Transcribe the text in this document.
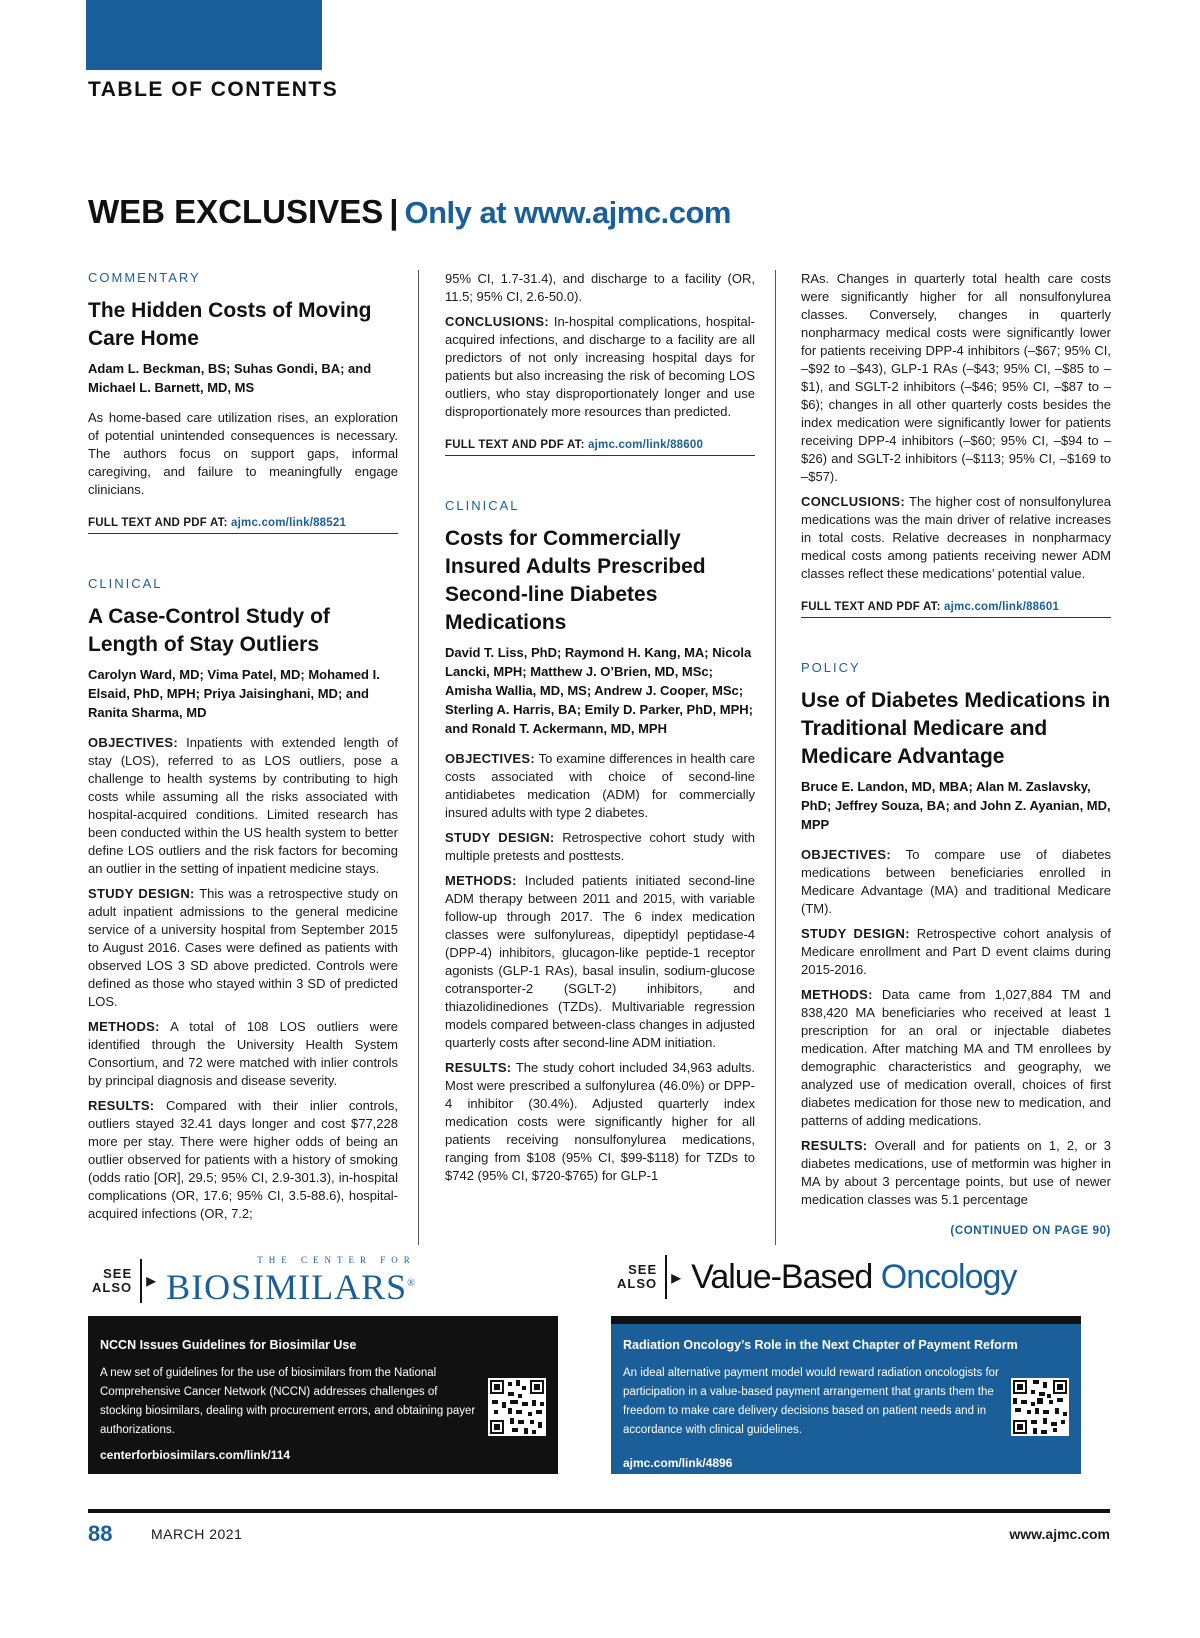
TABLE OF CONTENTS
WEB EXCLUSIVES | Only at www.ajmc.com
COMMENTARY
The Hidden Costs of Moving Care Home
Adam L. Beckman, BS; Suhas Gondi, BA; and Michael L. Barnett, MD, MS
As home-based care utilization rises, an exploration of potential unintended consequences is necessary. The authors focus on support gaps, informal caregiving, and failure to meaningfully engage clinicians.
FULL TEXT AND PDF AT: ajmc.com/link/88521
CLINICAL
A Case-Control Study of Length of Stay Outliers
Carolyn Ward, MD; Vima Patel, MD; Mohamed I. Elsaid, PhD, MPH; Priya Jaisinghani, MD; and Ranita Sharma, MD
OBJECTIVES: Inpatients with extended length of stay (LOS), referred to as LOS outliers, pose a challenge to health systems by contributing to high costs while assuming all the risks associated with hospital-acquired conditions. Limited research has been conducted within the US health system to better define LOS outliers and the risk factors for becoming an outlier in the setting of inpatient medicine stays.
STUDY DESIGN: This was a retrospective study on adult inpatient admissions to the general medicine service of a university hospital from September 2015 to August 2016. Cases were defined as patients with observed LOS 3 SD above predicted. Controls were defined as those who stayed within 3 SD of predicted LOS.
METHODS: A total of 108 LOS outliers were identified through the University Health System Consortium, and 72 were matched with inlier controls by principal diagnosis and disease severity.
RESULTS: Compared with their inlier controls, outliers stayed 32.41 days longer and cost $77,228 more per stay. There were higher odds of being an outlier observed for patients with a history of smoking (odds ratio [OR], 29.5; 95% CI, 2.9-301.3), in-hospital complications (OR, 17.6; 95% CI, 3.5-88.6), hospital-acquired infections (OR, 7.2;
95% CI, 1.7-31.4), and discharge to a facility (OR, 11.5; 95% CI, 2.6-50.0).
CONCLUSIONS: In-hospital complications, hospital-acquired infections, and discharge to a facility are all predictors of not only increasing hospital days for patients but also increasing the risk of becoming LOS outliers, who stay disproportionately longer and use disproportionately more resources than predicted.
FULL TEXT AND PDF AT: ajmc.com/link/88600
CLINICAL
Costs for Commercially Insured Adults Prescribed Second-line Diabetes Medications
David T. Liss, PhD; Raymond H. Kang, MA; Nicola Lancki, MPH; Matthew J. O’Brien, MD, MSc; Amisha Wallia, MD, MS; Andrew J. Cooper, MSc; Sterling A. Harris, BA; Emily D. Parker, PhD, MPH; and Ronald T. Ackermann, MD, MPH
OBJECTIVES: To examine differences in health care costs associated with choice of second-line antidiabetes medication (ADM) for commercially insured adults with type 2 diabetes.
STUDY DESIGN: Retrospective cohort study with multiple pretests and posttests.
METHODS: Included patients initiated second-line ADM therapy between 2011 and 2015, with variable follow-up through 2017. The 6 index medication classes were sulfonylureas, dipeptidyl peptidase-4 (DPP-4) inhibitors, glucagon-like peptide-1 receptor agonists (GLP-1 RAs), basal insulin, sodium-glucose cotransporter-2 (SGLT-2) inhibitors, and thiazolidinediones (TZDs). Multivariable regression models compared between-class changes in adjusted quarterly costs after second-line ADM initiation.
RESULTS: The study cohort included 34,963 adults. Most were prescribed a sulfonylurea (46.0%) or DPP-4 inhibitor (30.4%). Adjusted quarterly index medication costs were significantly higher for all patients receiving nonsulfonylurea medications, ranging from $108 (95% CI, $99-$118) for TZDs to $742 (95% CI, $720-$765) for GLP-1
RAs. Changes in quarterly total health care costs were significantly higher for all nonsulfonylurea classes. Conversely, changes in quarterly nonpharmacy medical costs were significantly lower for patients receiving DPP-4 inhibitors (–$67; 95% CI, –$92 to –$43), GLP-1 RAs (–$43; 95% CI, –$85 to –$1), and SGLT-2 inhibitors (–$46; 95% CI, –$87 to –$6); changes in all other quarterly costs besides the index medication were significantly lower for patients receiving DPP-4 inhibitors (–$60; 95% CI, –$94 to –$26) and SGLT-2 inhibitors (–$113; 95% CI, –$169 to –$57).
CONCLUSIONS: The higher cost of nonsulfonylurea medications was the main driver of relative increases in total costs. Relative decreases in nonpharmacy medical costs among patients receiving newer ADM classes reflect these medications’ potential value.
FULL TEXT AND PDF AT: ajmc.com/link/88601
POLICY
Use of Diabetes Medications in Traditional Medicare and Medicare Advantage
Bruce E. Landon, MD, MBA; Alan M. Zaslavsky, PhD; Jeffrey Souza, BA; and John Z. Ayanian, MD, MPP
OBJECTIVES: To compare use of diabetes medications between beneficiaries enrolled in Medicare Advantage (MA) and traditional Medicare (TM).
STUDY DESIGN: Retrospective cohort analysis of Medicare enrollment and Part D event claims during 2015-2016.
METHODS: Data came from 1,027,884 TM and 838,420 MA beneficiaries who received at least 1 prescription for an oral or injectable diabetes medication. After matching MA and TM enrollees by demographic characteristics and geography, we analyzed use of medication overall, choices of first diabetes medication for those new to medication, and patterns of adding medications.
RESULTS: Overall and for patients on 1, 2, or 3 diabetes medications, use of metformin was higher in MA by about 3 percentage points, but use of newer medication classes was 5.1 percentage
(CONTINUED ON PAGE 90)
SEE
ALSO ▸
THE CENTER FOR
BIOSIMILARS®
SEE
ALSO ▸ Value-Based Oncology
NCCN Issues Guidelines for Biosimilar Use
A new set of guidelines for the use of biosimilars from the National Comprehensive Cancer Network (NCCN) addresses challenges of stocking biosimilars, dealing with procurement errors, and obtaining payer authorizations.
centerforbiosimilars.com/link/114
Radiation Oncology’s Role in the Next Chapter of Payment Reform
An ideal alternative payment model would reward radiation oncologists for participation in a value-based payment arrangement that grants them the freedom to make care delivery decisions based on patient needs and in accordance with clinical guidelines.
ajmc.com/link/4896
88	MARCH 2021	www.ajmc.com
